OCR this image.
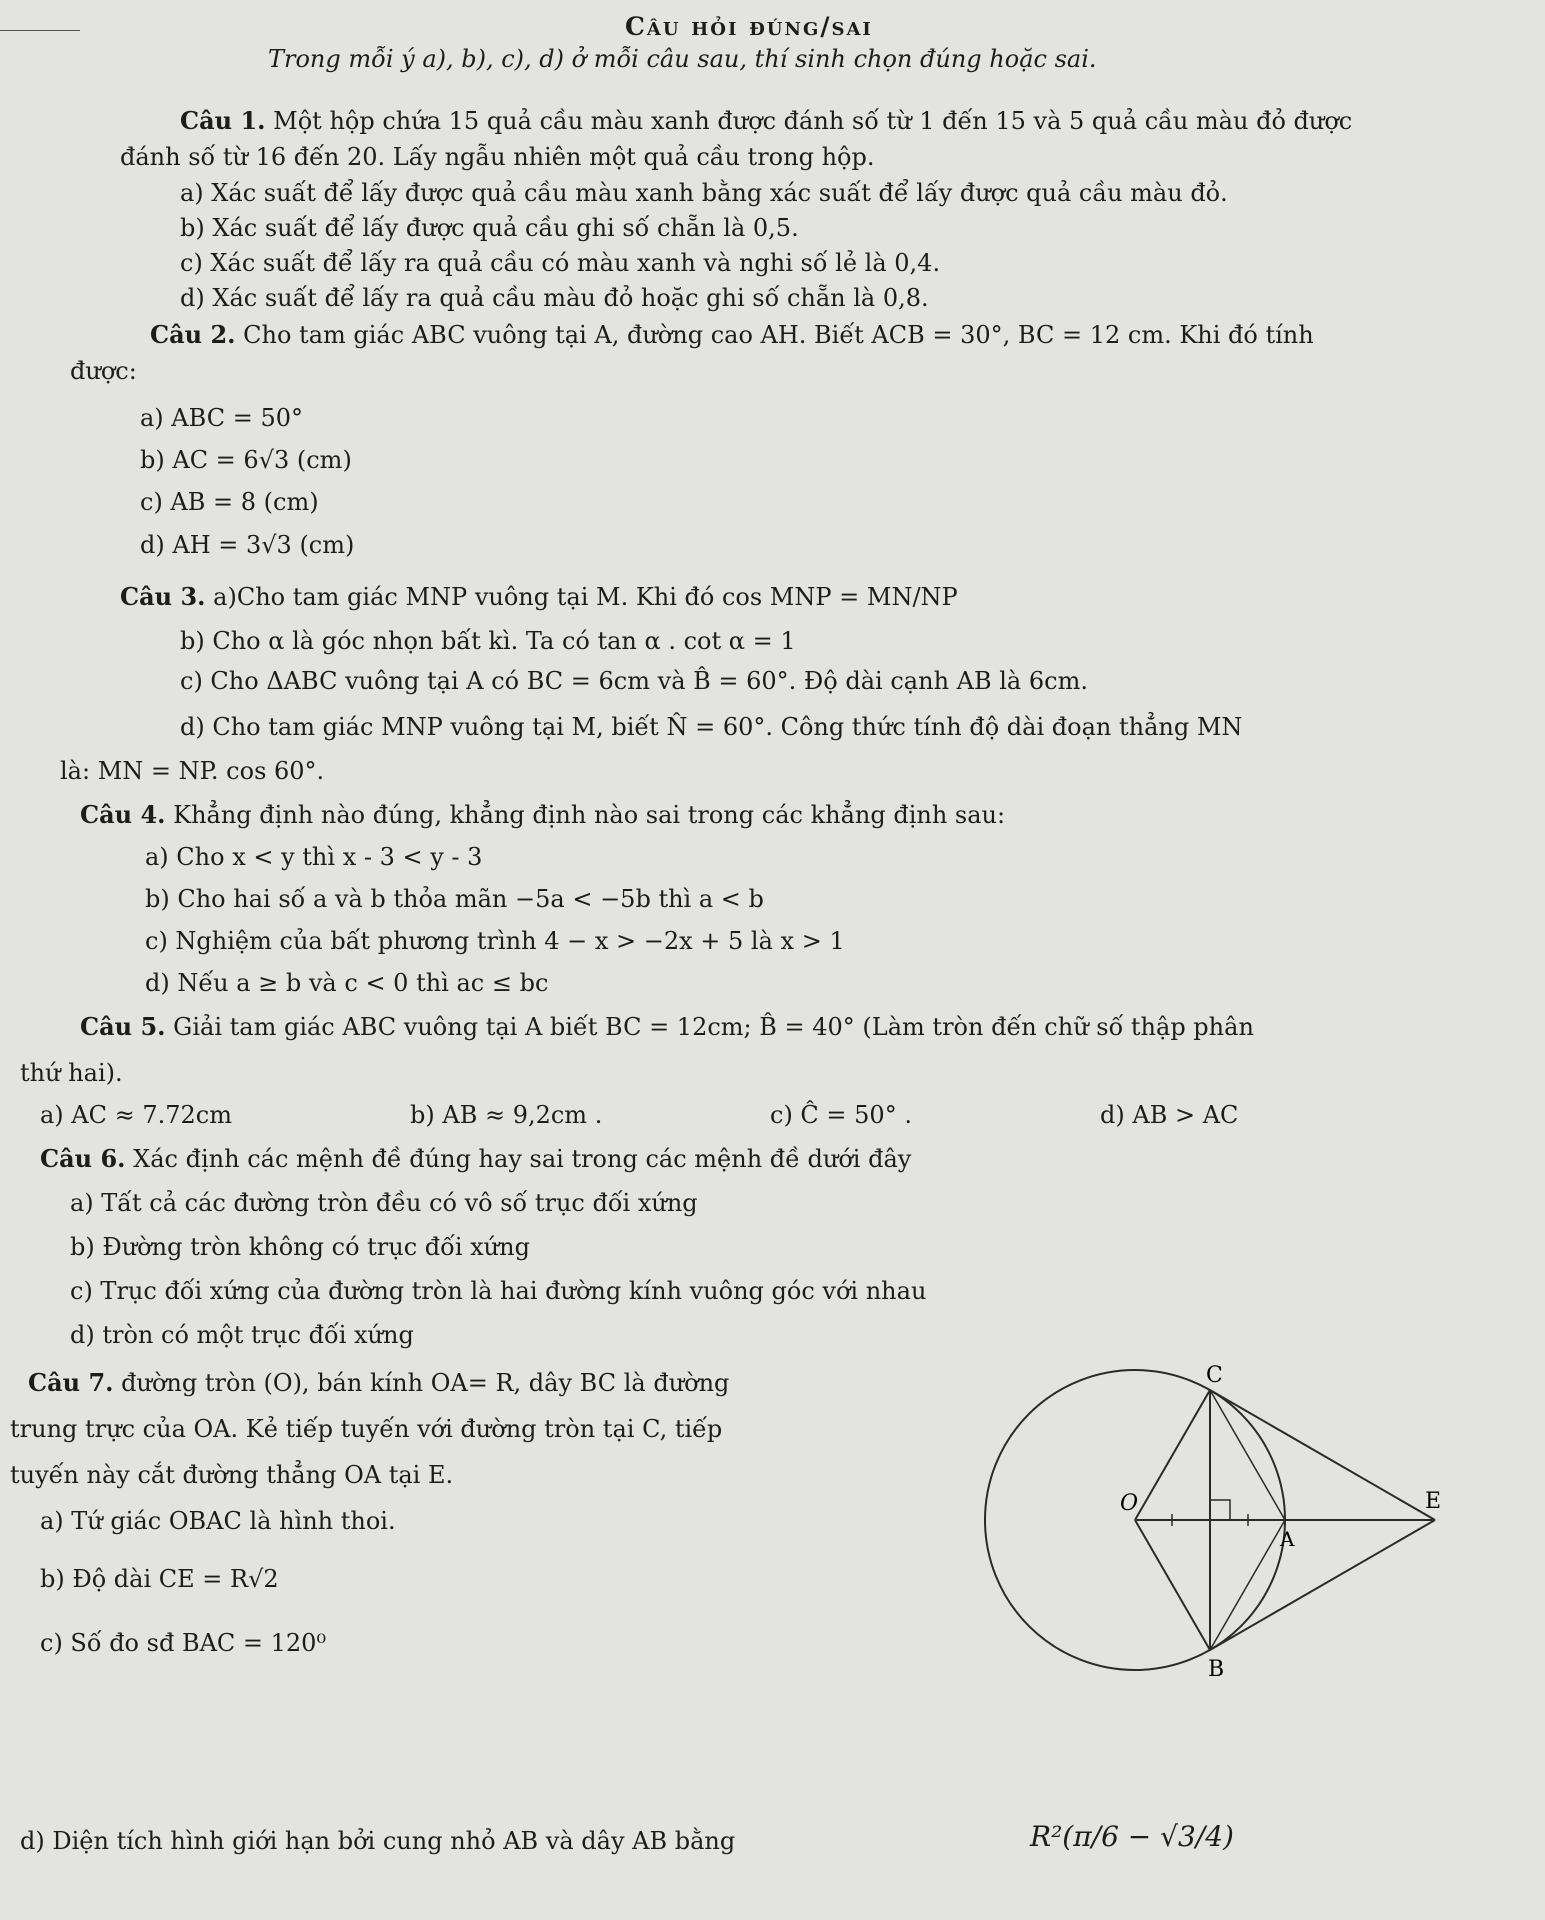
Câu hỏi đúng/sai
Trong mỗi ý a), b), c), d) ở mỗi câu sau, thí sinh chọn đúng hoặc sai.
Câu 1. Một hộp chứa 15 quả cầu màu xanh được đánh số từ 1 đến 15 và 5 quả cầu màu đỏ được
đánh số từ 16 đến 20. Lấy ngẫu nhiên một quả cầu trong hộp.
a) Xác suất để lấy được quả cầu màu xanh bằng xác suất để lấy được quả cầu màu đỏ.
b) Xác suất để lấy được quả cầu ghi số chẵn là 0,5.
c) Xác suất để lấy ra quả cầu có màu xanh và nghi số lẻ là 0,4.
d) Xác suất để lấy ra quả cầu màu đỏ hoặc ghi số chẵn là 0,8.
Câu 2. Cho tam giác ABC vuông tại A, đường cao AH. Biết ACB = 30°, BC = 12 cm. Khi đó tính
được:
a) ABC = 50°
b) AC = 6√3 (cm)
c) AB = 8 (cm)
d) AH = 3√3 (cm)
Câu 3. a)Cho tam giác MNP vuông tại M. Khi đó cos MNP = MN/NP
b) Cho α là góc nhọn bất kì. Ta có tan α . cot α = 1
c) Cho ΔABC vuông tại A có BC = 6cm và B̂ = 60°. Độ dài cạnh AB là 6cm.
d) Cho tam giác MNP vuông tại M, biết N̂ = 60°. Công thức tính độ dài đoạn thẳng MN
là: MN = NP. cos 60°.
Câu 4. Khẳng định nào đúng, khẳng định nào sai trong các khẳng định sau:
a) Cho x < y thì x - 3 < y - 3
b) Cho hai số a và b thỏa mãn −5a < −5b thì a < b
c) Nghiệm của bất phương trình 4 − x > −2x + 5 là x > 1
d) Nếu a ≥ b và c < 0 thì ac ≤ bc
Câu 5. Giải tam giác ABC vuông tại A biết BC = 12cm; B̂ = 40° (Làm tròn đến chữ số thập phân
thứ hai).
a) AC ≈ 7.72cm	b) AB ≈ 9,2cm .	c) Ĉ = 50° .	d) AB > AC
Câu 6. Xác định các mệnh đề đúng hay sai trong các mệnh đề dưới đây
a) Tất cả các đường tròn đều có vô số trục đối xứng
b) Đường tròn không có trục đối xứng
c) Trục đối xứng của đường tròn là hai đường kính vuông góc với nhau
d) tròn có một trục đối xứng
Câu 7. đường tròn (O), bán kính OA= R, dây BC là đường
trung trực của OA. Kẻ tiếp tuyến với đường tròn tại C, tiếp
tuyến này cắt đường thẳng OA tại E.
a) Tứ giác OBAC là hình thoi.
b) Độ dài CE = R√2
c) Số đo sđ BAC = 120⁰
d) Diện tích hình giới hạn bởi cung nhỏ AB và dây AB bằng	R²(π/6 − √3/4)
C
O	E
A
B
